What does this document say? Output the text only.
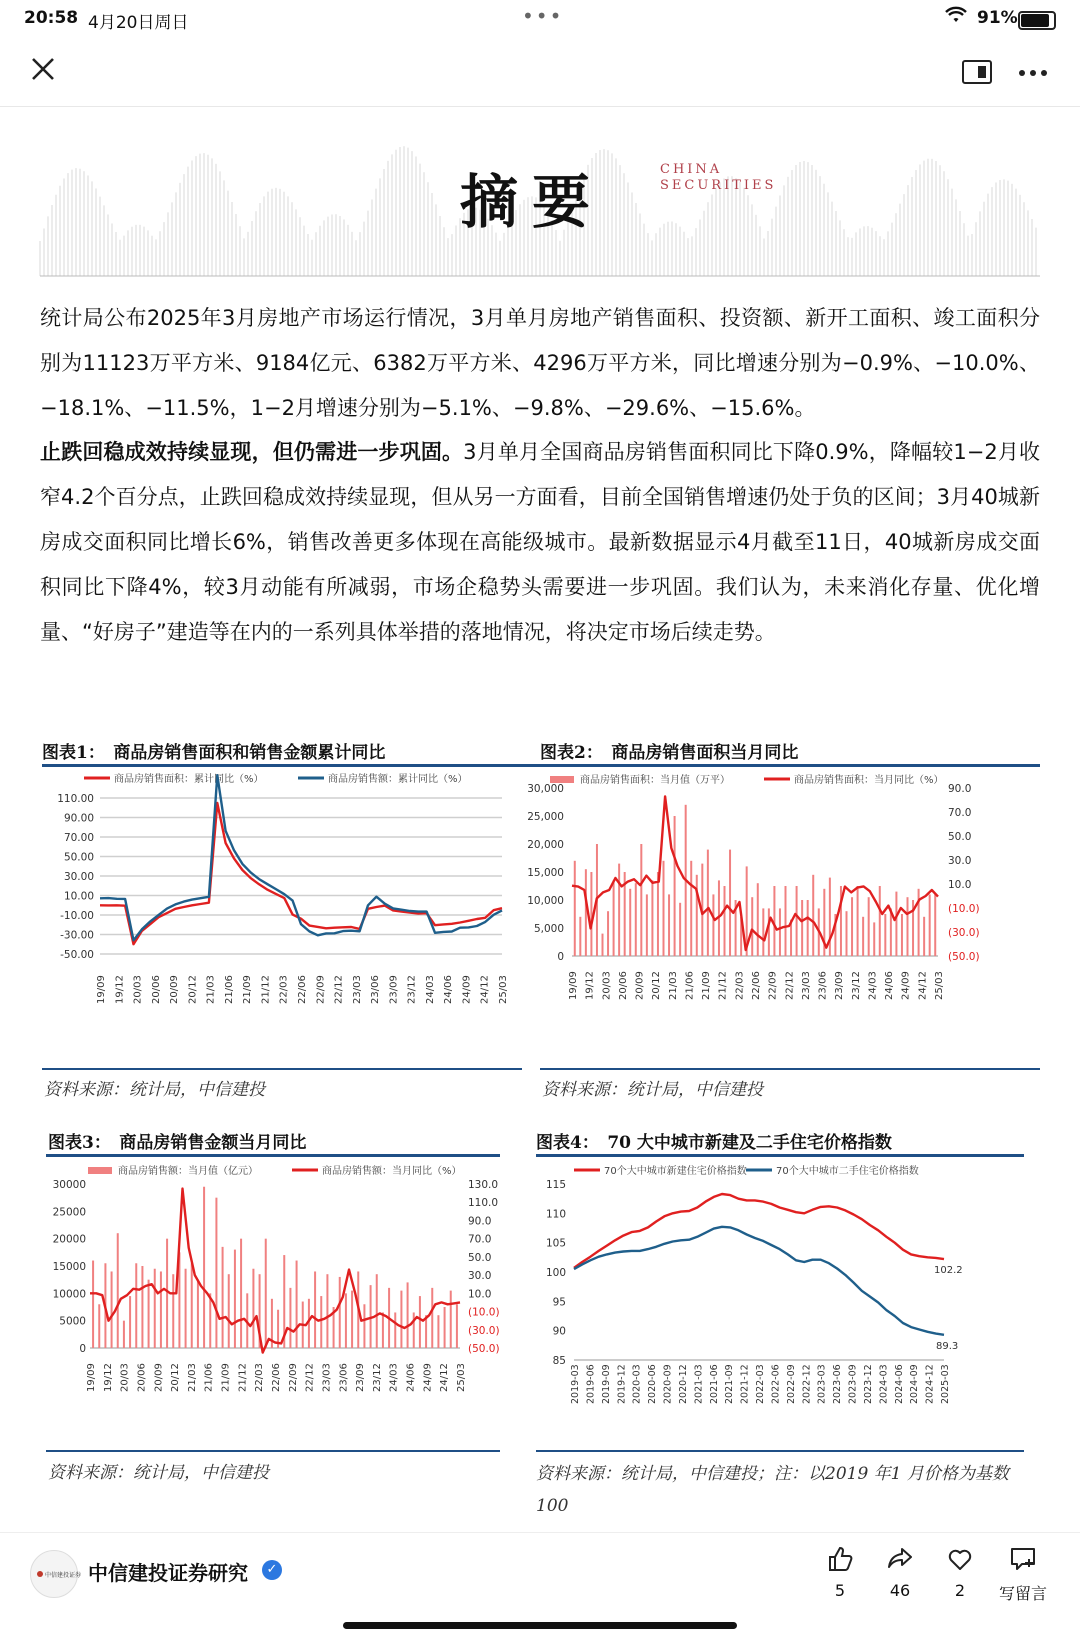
20:58 4月20日周日	•••	91%
摘要	CHINA
SECURITIES
统计局公布2025年3月房地产市场运行情况，3月单月房地产销售面积、投资额、新开工面积、竣工面积分别为11123万平方米、9184亿元、6382万平方米、4296万平方米，同比增速分别为−0.9%、−10.0%、−18.1%、−11.5%，1−2月增速分别为−5.1%、−9.8%、−29.6%、−15.6%。
止跌回稳成效持续显现，但仍需进一步巩固。3月单月全国商品房销售面积同比下降0.9%，降幅较1−2月收窄4.2个百分点，止跌回稳成效持续显现，但从另一方面看，目前全国销售增速仍处于负的区间；3月40城新房成交面积同比增长6%，销售改善更多体现在高能级城市。最新数据显示4月截至11日，40城新房成交面积同比下降4%，较3月动能有所减弱，市场企稳势头需要进一步巩固。我们认为，未来消化存量、优化增量、“好房子”建造等在内的一系列具体举措的落地情况，将决定市场后续走势。
图表1：　商品房销售面积和销售金额累计同比	图表2：　商品房销售面积当月同比
商品房销售面积：累计同比（%）	商品房销售额：累计同比（%）
110.00
90.00
70.00
50.00
30.00
10.00
-10.00
-30.00
-50.00
19/09 19/12 20/03 20/06 20/09 20/12 21/03 21/06 21/09 21/12 22/03 22/06 22/09 22/12 23/03 23/06 23/09 23/12 24/03 24/06 24/09 24/12 25/03
商品房销售面积：当月值（万平）	商品房销售面积：当月同比（%）
30,000
25,000
20,000
15,000
10,000
5,000
0
90.0
70.0
50.0
30.0
10.0
(10.0)
(30.0)
(50.0)
19/09 19/12 20/03 20/06 20/09 20/12 21/03 21/06 21/09 21/12 22/03 22/06 22/09 22/12 23/03 23/06 23/09 23/12 24/03 24/06 24/09 24/12 25/03
资料来源：统计局，中信建投	资料来源：统计局，中信建投
图表3：　商品房销售金额当月同比	图表4：　70 大中城市新建及二手住宅价格指数
商品房销售额：当月值（亿元）	商品房销售额：当月同比（%）
30000
25000
20000
15000
10000
5000
0
130.0
110.0
90.0
70.0
50.0
30.0
10.0
(10.0)
(30.0)
(50.0)
19/09 19/12 20/03 20/06 20/09 20/12 21/03 21/06 21/09 21/12 22/03 22/06 22/09 22/12 23/03 23/06 23/09 23/12 24/03 24/06 24/09 24/12 25/03
70个大中城市新建住宅价格指数	70个大中城市二手住宅价格指数
115
110
105
100
95
90
85
102.2
89.3
2019-03 2019-06 2019-09 2019-12 2020-03 2020-06 2020-09 2020-12 2021-03 2021-06 2021-09 2021-12 2022-03 2022-06 2022-09 2022-12 2023-03 2023-06 2023-09 2023-12 2024-03 2024-06 2024-09 2024-12 2025-03
资料来源：统计局，中信建投	资料来源：统计局，中信建投；注：以2019 年1 月价格为基数 100
中信建投证券 中信建投证券研究	✓
5	46	2	写留言
